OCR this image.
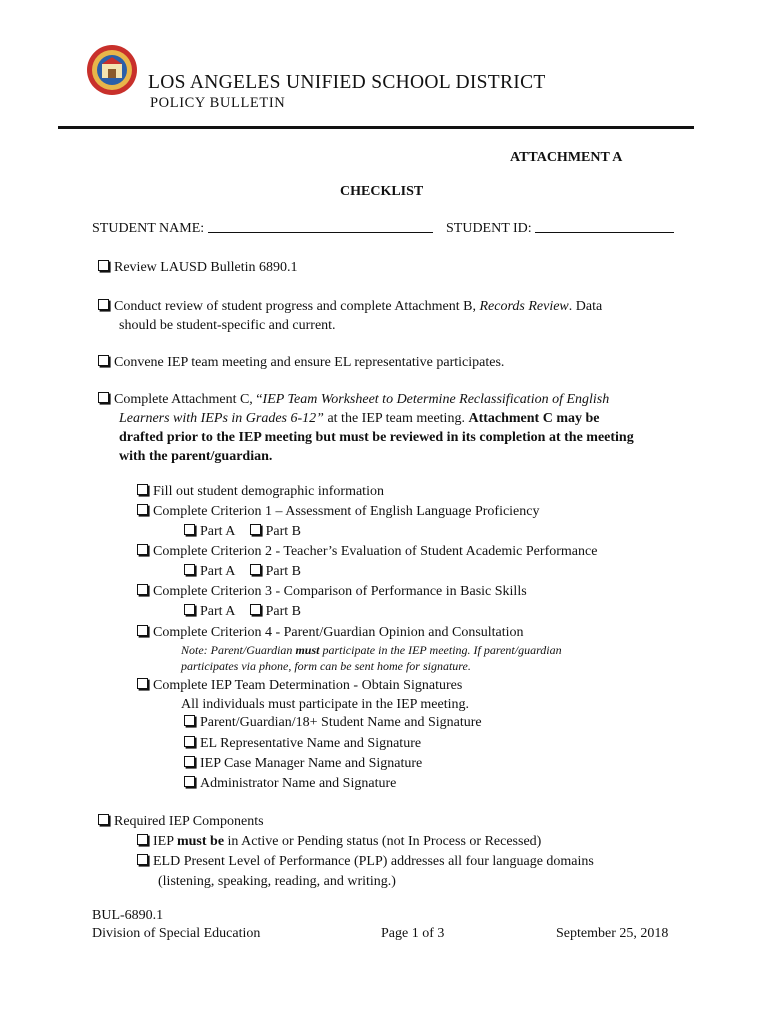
LOS ANGELES UNIFIED SCHOOL DISTRICT
POLICY BULLETIN
ATTACHMENT A
CHECKLIST
STUDENT NAME:	STUDENT ID:
Review LAUSD Bulletin 6890.1
Conduct review of student progress and complete Attachment B, Records Review. Data
should be student-specific and current.
Convene IEP team meeting and ensure EL representative participates.
Complete Attachment C, “IEP Team Worksheet to Determine Reclassification of English
Learners with IEPs in Grades 6-12” at the IEP team meeting. Attachment C may be
drafted prior to the IEP meeting but must be reviewed in its completion at the meeting
with the parent/guardian.
Fill out student demographic information
Complete Criterion 1 – Assessment of English Language Proficiency
Part A Part B
Complete Criterion 2 - Teacher’s Evaluation of Student Academic Performance
Part A Part B
Complete Criterion 3 - Comparison of Performance in Basic Skills
Part A Part B
Complete Criterion 4 - Parent/Guardian Opinion and Consultation
Note: Parent/Guardian must participate in the IEP meeting. If parent/guardian
participates via phone, form can be sent home for signature.
Complete IEP Team Determination - Obtain Signatures
All individuals must participate in the IEP meeting.
Parent/Guardian/18+ Student Name and Signature
EL Representative Name and Signature
IEP Case Manager Name and Signature
Administrator Name and Signature
Required IEP Components
IEP must be in Active or Pending status (not In Process or Recessed)
ELD Present Level of Performance (PLP) addresses all four language domains
(listening, speaking, reading, and writing.)
BUL-6890.1
Division of Special Education	Page 1 of 3	September 25, 2018
